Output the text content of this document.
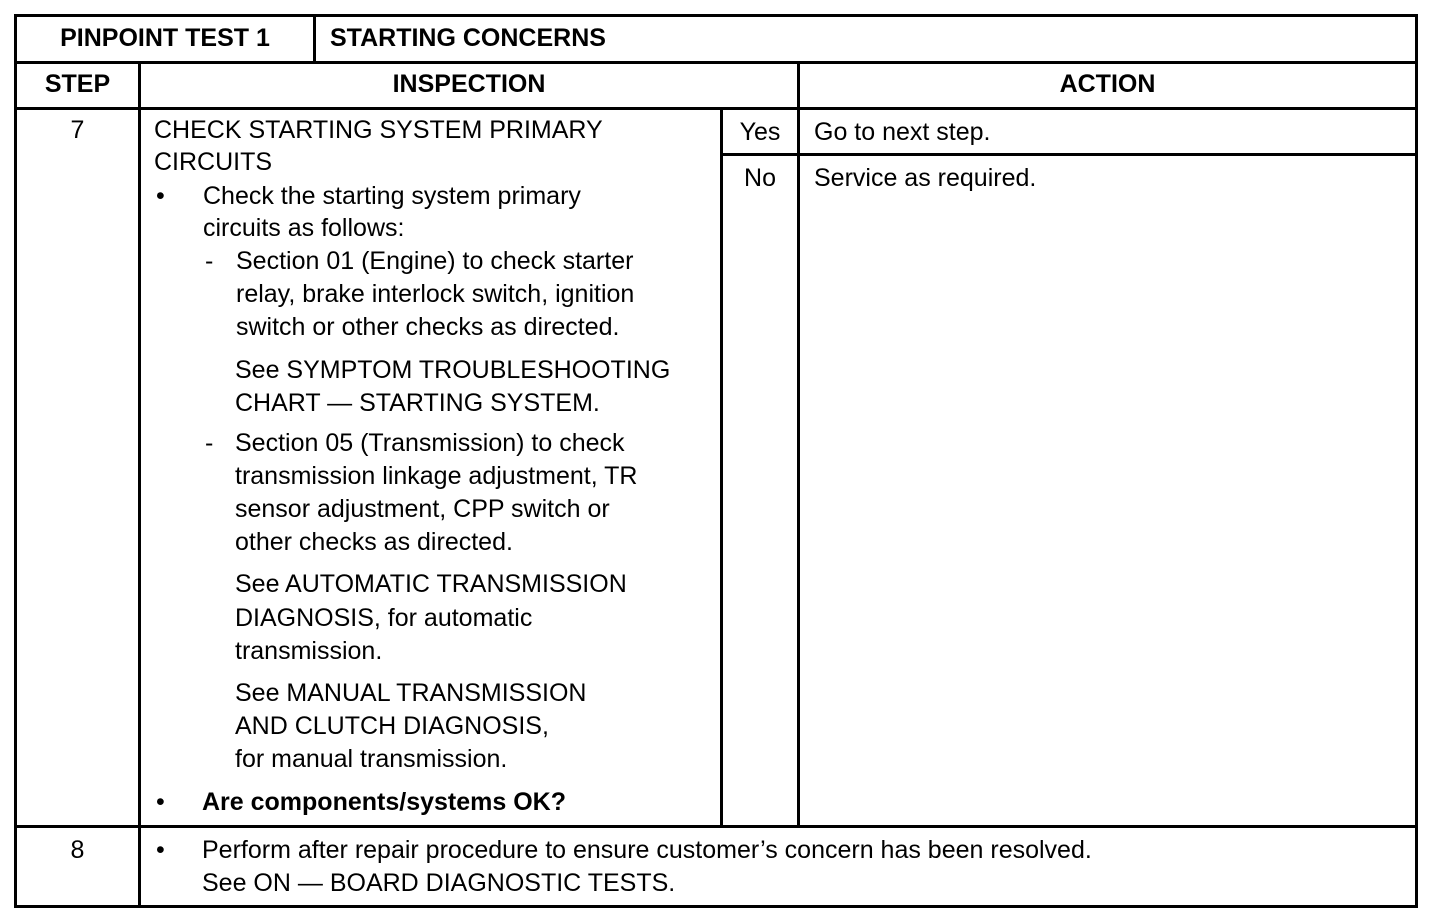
PINPOINT TEST 1	STARTING CONCERNS
STEP	INSPECTION	ACTION
7	CHECK STARTING SYSTEM PRIMARY
CIRCUITS
• Check the starting system primary
circuits as follows:
- Section 01 (Engine) to check starter
relay, brake interlock switch, ignition
switch or other checks as directed.
See SYMPTOM TROUBLESHOOTING
CHART — STARTING SYSTEM.
- Section 05 (Transmission) to check
transmission linkage adjustment, TR
sensor adjustment, CPP switch or
other checks as directed.
See AUTOMATIC TRANSMISSION
DIAGNOSIS, for automatic
transmission.
See MANUAL TRANSMISSION
AND CLUTCH DIAGNOSIS,
for manual transmission.
• Are components/systems OK?
Yes	Go to next step.
No	Service as required.
8	• Perform after repair procedure to ensure customer’s concern has been resolved.
See ON — BOARD DIAGNOSTIC TESTS.
